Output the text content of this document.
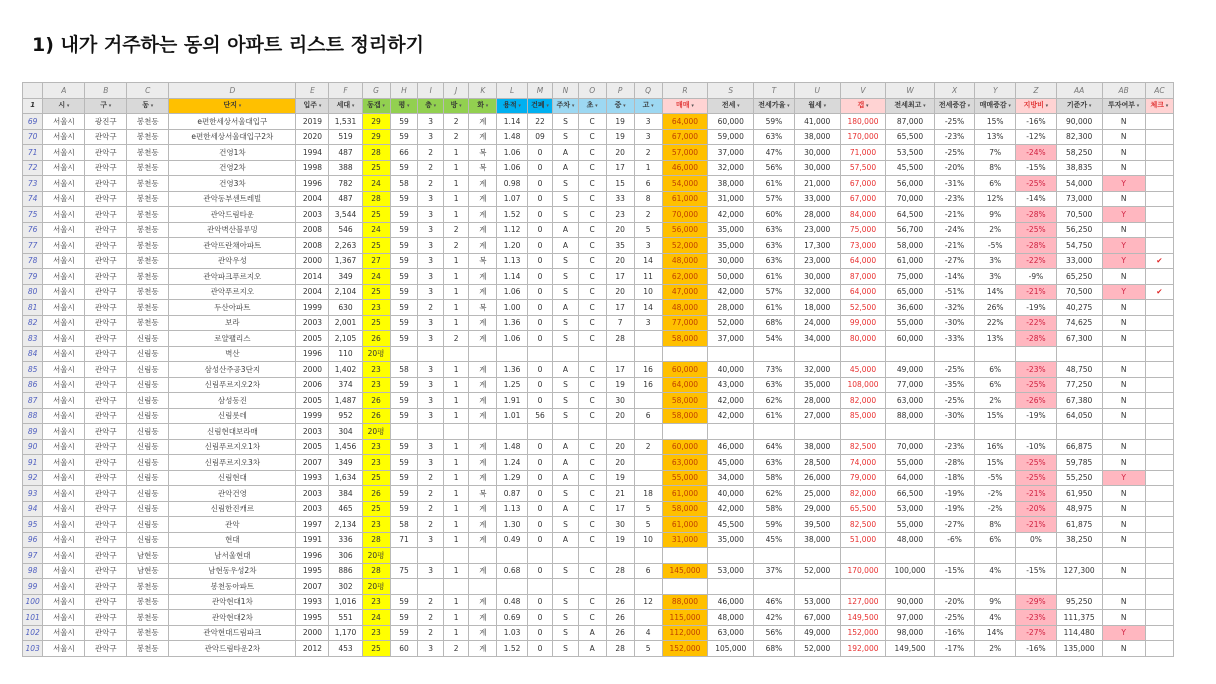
1) 내가 거주하는 동의 아파트 리스트 정리하기
	A	B	C	D	E	F	G	H	I	J	K	L	M	N	O	P	Q	R	S	T	U	V	W	X	Y	Z	AA	AB	AC
1	시 ▾	구 ▾	동 ▾	단지 ▾	입주 ▾	세대 ▾	동갭 ▾	평 ▾	층 ▾	방 ▾	화 ▾	용적 ▾	건폐 ▾	주차 ▾	초 ▾	중 ▾	고 ▾	매매 ▾	전세 ▾	전세가율 ▾	월세 ▾	갭 ▾	전세최고 ▾	전세증감 ▾	매매증감 ▾	지방비 ▾	기준가 ▾	투자여부 ▾	체크 ▾
69	서울시	광진구	봉천동	e편한세상서울대입구	2019	1,531	29	59	3	2	계	1.14	22	S	C	19	3	64,000	60,000	59%	41,000	180,000	87,000	-25%	15%	-16%	90,000	N	
70	서울시	관악구	봉천동	e편한세상서울대입구2차	2020	519	29	59	3	2	계	1.48	09	S	C	19	3	67,000	59,000	63%	38,000	170,000	65,500	-23%	13%	-12%	82,300	N	
71	서울시	관악구	봉천동	건영1차	1994	487	28	66	2	1	복	1.06	0	A	C	20	2	57,000	37,000	47%	30,000	71,000	53,500	-25%	7%	-24%	58,250	N	
72	서울시	관악구	봉천동	건영2차	1998	388	25	59	2	1	복	1.06	0	A	C	17	1	46,000	32,000	56%	30,000	57,500	45,500	-20%	8%	-15%	38,835	N	
73	서울시	관악구	봉천동	건영3차	1996	782	24	58	2	1	계	0.98	0	S	C	15	6	54,000	38,000	61%	21,000	67,000	56,000	-31%	6%	-25%	54,000	Y	
74	서울시	관악구	봉천동	관악동부센트레빌	2004	487	28	59	3	1	계	1.07	0	S	C	33	8	61,000	31,000	57%	33,000	67,000	70,000	-23%	12%	-14%	73,000	N	
75	서울시	관악구	봉천동	관악드림타운	2003	3,544	25	59	3	1	계	1.52	0	S	C	23	2	70,000	42,000	60%	28,000	84,000	64,500	-21%	9%	-28%	70,500	Y	
76	서울시	관악구	봉천동	관악벽산블루밍	2008	546	24	59	3	2	계	1.12	0	A	C	20	5	56,000	35,000	63%	23,000	75,000	56,700	-24%	2%	-25%	56,250	N	
77	서울시	관악구	봉천동	관악뜨란채아파트	2008	2,263	25	59	3	2	계	1.20	0	A	C	35	3	52,000	35,000	63%	17,300	73,000	58,000	-21%	-5%	-28%	54,750	Y	
78	서울시	관악구	봉천동	관악우성	2000	1,367	27	59	3	1	복	1.13	0	S	C	20	14	48,000	30,000	63%	23,000	64,000	61,000	-27%	3%	-22%	33,000	Y	✔
79	서울시	관악구	봉천동	관악파크푸르지오	2014	349	24	59	3	1	계	1.14	0	S	C	17	11	62,000	50,000	61%	30,000	87,000	75,000	-14%	3%	-9%	65,250	N	
80	서울시	관악구	봉천동	관악푸르지오	2004	2,104	25	59	3	1	계	1.06	0	S	C	20	10	47,000	42,000	57%	32,000	64,000	65,000	-51%	14%	-21%	70,500	Y	✔
81	서울시	관악구	봉천동	두산아파트	1999	630	23	59	2	1	복	1.00	0	A	C	17	14	48,000	28,000	61%	18,000	52,500	36,600	-32%	26%	-19%	40,275	N	
82	서울시	관악구	봉천동	보라	2003	2,001	25	59	3	1	계	1.36	0	S	C	7	3	77,000	52,000	68%	24,000	99,000	55,000	-30%	22%	-22%	74,625	N	
83	서울시	관악구	신림동	로얄팰리스	2005	2,105	26	59	3	2	계	1.06	0	S	C	28		58,000	37,000	54%	34,000	80,000	60,000	-33%	13%	-28%	67,300	N	
84	서울시	관악구	신림동	벽산	1996	110	20평																						
85	서울시	관악구	신림동	삼성산주공3단지	2000	1,402	23	58	3	1	계	1.36	0	A	C	17	16	60,000	40,000	73%	32,000	45,000	49,000	-25%	6%	-23%	48,750	N	
86	서울시	관악구	신림동	신림푸르지오2차	2006	374	23	59	3	1	계	1.25	0	S	C	19	16	64,000	43,000	63%	35,000	108,000	77,000	-35%	6%	-25%	77,250	N	
87	서울시	관악구	신림동	삼성동진	2005	1,487	26	59	3	1	계	1.91	0	S	C	30		58,000	42,000	62%	28,000	82,000	63,000	-25%	2%	-26%	67,380	N	
88	서울시	관악구	신림동	신림롯데	1999	952	26	59	3	1	계	1.01	56	S	C	20	6	58,000	42,000	61%	27,000	85,000	88,000	-30%	15%	-19%	64,050	N	
89	서울시	관악구	신림동	신림현대보라매	2003	304	20평																						
90	서울시	관악구	신림동	신림푸르지오1차	2005	1,456	23	59	3	1	계	1.48	0	A	C	20	2	60,000	46,000	64%	38,000	82,500	70,000	-23%	16%	-10%	66,875	N	
91	서울시	관악구	신림동	신림푸르지오3차	2007	349	23	59	3	1	계	1.24	0	A	C	20		63,000	45,000	63%	28,500	74,000	55,000	-28%	15%	-25%	59,785	N	
92	서울시	관악구	신림동	신림현대	1993	1,634	25	59	2	1	계	1.29	0	A	C	19		55,000	34,000	58%	26,000	79,000	64,000	-18%	-5%	-25%	55,250	Y	
93	서울시	관악구	신림동	관악건영	2003	384	26	59	2	1	복	0.87	0	S	C	21	18	61,000	40,000	62%	25,000	82,000	66,500	-19%	-2%	-21%	61,950	N	
94	서울시	관악구	신림동	신림한진캐르	2003	465	25	59	2	1	계	1.13	0	A	C	17	5	58,000	42,000	58%	29,000	65,500	53,000	-19%	-2%	-20%	48,975	N	
95	서울시	관악구	신림동	관악	1997	2,134	23	58	2	1	계	1.30	0	S	C	30	5	61,000	45,500	59%	39,500	82,500	55,000	-27%	8%	-21%	61,875	N	
96	서울시	관악구	신림동	현대	1991	336	28	71	3	1	계	0.49	0	A	C	19	10	31,000	35,000	45%	38,000	51,000	48,000	-6%	6%	0%	38,250	N	
97	서울시	관악구	남현동	남서울현대	1996	306	20평																						
98	서울시	관악구	남현동	남현동우성2차	1995	886	28	75	3	1	계	0.68	0	S	C	28	6	145,000	53,000	37%	52,000	170,000	100,000	-15%	4%	-15%	127,300	N	
99	서울시	관악구	봉천동	봉천동아파트	2007	302	20평																						
100	서울시	관악구	봉천동	관악현대1차	1993	1,016	23	59	2	1	계	0.48	0	S	C	26	12	88,000	46,000	46%	53,000	127,000	90,000	-20%	9%	-29%	95,250	N	
101	서울시	관악구	봉천동	관악현대2차	1995	551	24	59	2	1	계	0.69	0	S	C	26		115,000	48,000	42%	67,000	149,500	97,000	-25%	4%	-23%	111,375	N	
102	서울시	관악구	봉천동	관악현대드림파크	2000	1,170	23	59	2	1	계	1.03	0	S	A	26	4	112,000	63,000	56%	49,000	152,000	98,000	-16%	14%	-27%	114,480	Y	
103	서울시	관악구	봉천동	관악드림타운2차	2012	453	25	60	3	2	계	1.52	0	S	A	28	5	152,000	105,000	68%	52,000	192,000	149,500	-17%	2%	-16%	135,000	N	
